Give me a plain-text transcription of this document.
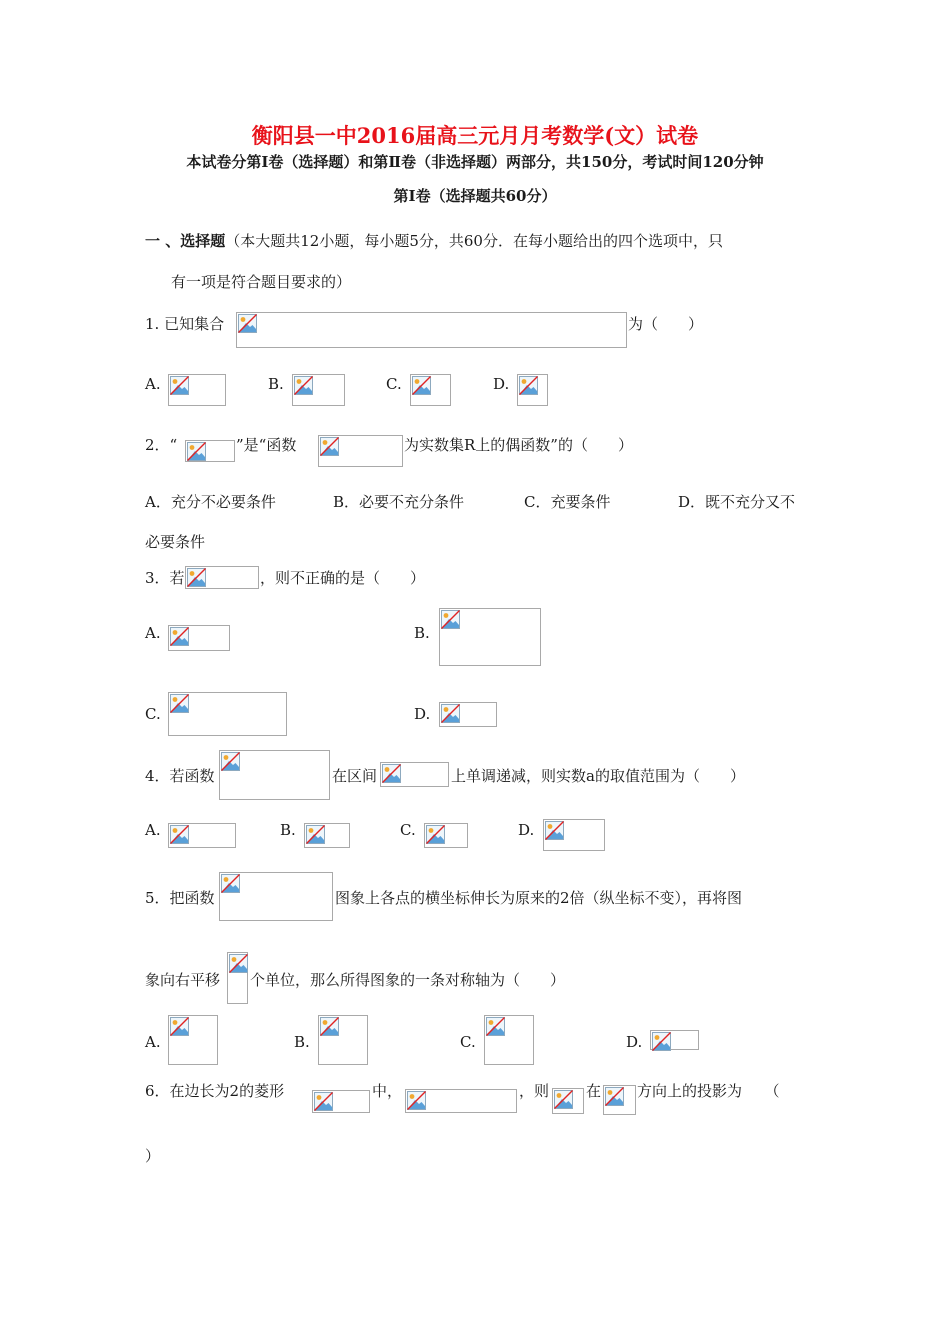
衡阳县一中2016届高三元月月考数学(文）试卷
本试卷分第Ⅰ卷（选择题）和第Ⅱ卷（非选择题）两部分，共150分，考试时间120分钟
第Ⅰ卷（选择题共60分）
一 、选择题（本大题共12小题，每小题5分，共60分．在每小题给出的四个选项中，只
有一项是符合题目要求的）
1. 已知集合	为（　　）
A.	B.	C.	D.
2．“	”是“函数	为实数集R上的偶函数”的（　　）
A．充分不必要条件	B．必要不充分条件	C．充要条件	D．既不充分又不
必要条件
3．若	，则不正确的是（　　）
A.	B.
C.	D.
4．若函数	在区间	上单调递减，则实数a的取值范围为（　　）
A.	B.	C.	D.
5．把函数	图象上各点的横坐标伸长为原来的2倍（纵坐标不变），再将图
象向右平移 个单位，那么所得图象的一条对称轴为（　　）
A.	B.	C.	D.
6．在边长为2的菱形	中，	，则 在 方向上的投影为　　（
）
